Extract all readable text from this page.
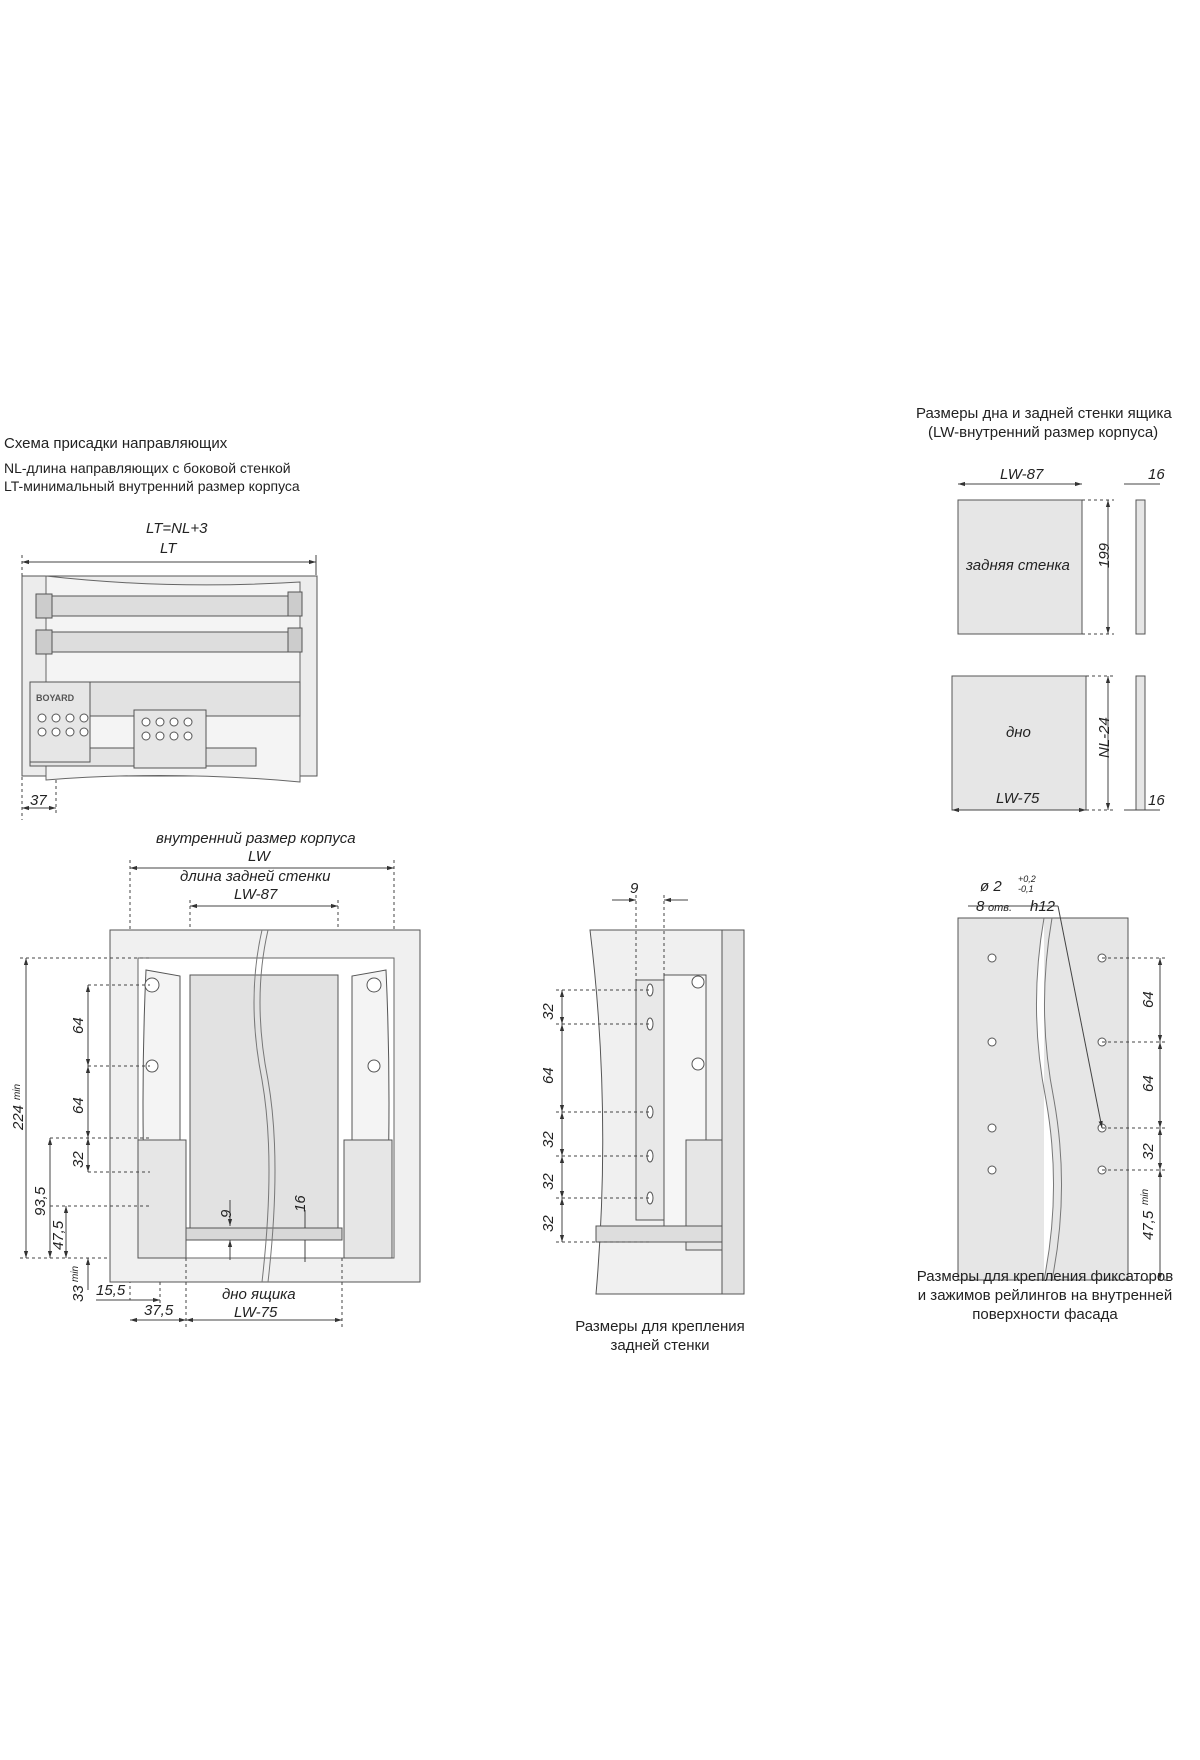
Схема присадки направляющих
NL-длина направляющих с боковой стенкой
LT-минимальный внутренний размер корпуса
LT=NL+3
LT
37
BOYARD
Размеры дна и задней стенки ящика
(LW-внутренний размер корпуса)
LW-87	16
задняя стенка 199
дно	NL-24
LW-75	16
внутренний размер корпуса
LW
длина задней стенки
LW-87
64
64
32
224
min
93,5
47,5
33
min
9
16
15,5
37,5
дно ящика
LW-75
9
32
64
32
32
32
Размеры для крепления
задней стенки
ø 2 +0,2
-0,1
8 отв. h12
64
64
32
47,5
min
Размеры для крепления фиксаторов
и зажимов рейлингов на внутренней
поверхности фасада
